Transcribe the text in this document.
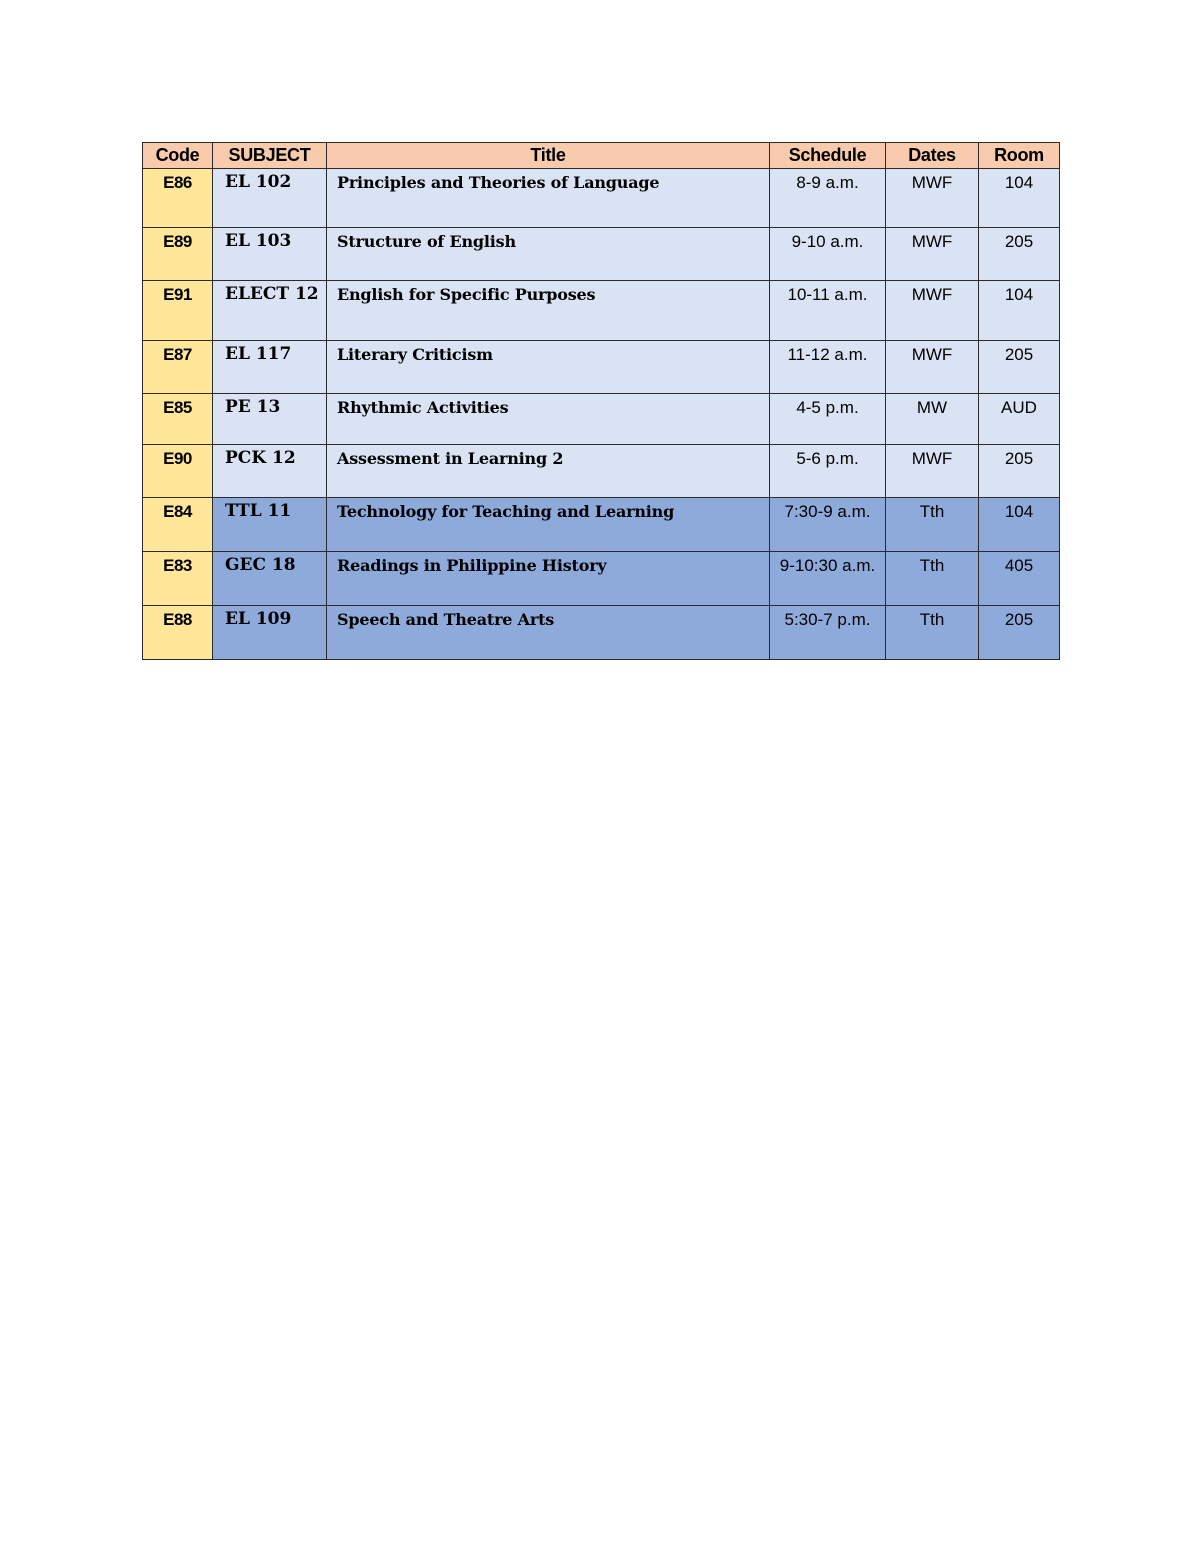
Code	SUBJECT	Title	Schedule	Dates	Room
E86	EL 102	Principles and Theories of Language	8-9 a.m.	MWF	104
E89	EL 103	Structure of English	9-10 a.m.	MWF	205
E91	ELECT 12	English for Specific Purposes	10-11 a.m.	MWF	104
E87	EL 117	Literary Criticism	11-12 a.m.	MWF	205
E85	PE 13	Rhythmic Activities	4-5 p.m.	MW	AUD
E90	PCK 12	Assessment in Learning 2	5-6 p.m.	MWF	205
E84	TTL 11	Technology for Teaching and Learning	7:30-9 a.m.	Tth	104
E83	GEC 18	Readings in Philippine History	9-10:30 a.m.	Tth	405
E88	EL 109	Speech and Theatre Arts	5:30-7 p.m.	Tth	205
